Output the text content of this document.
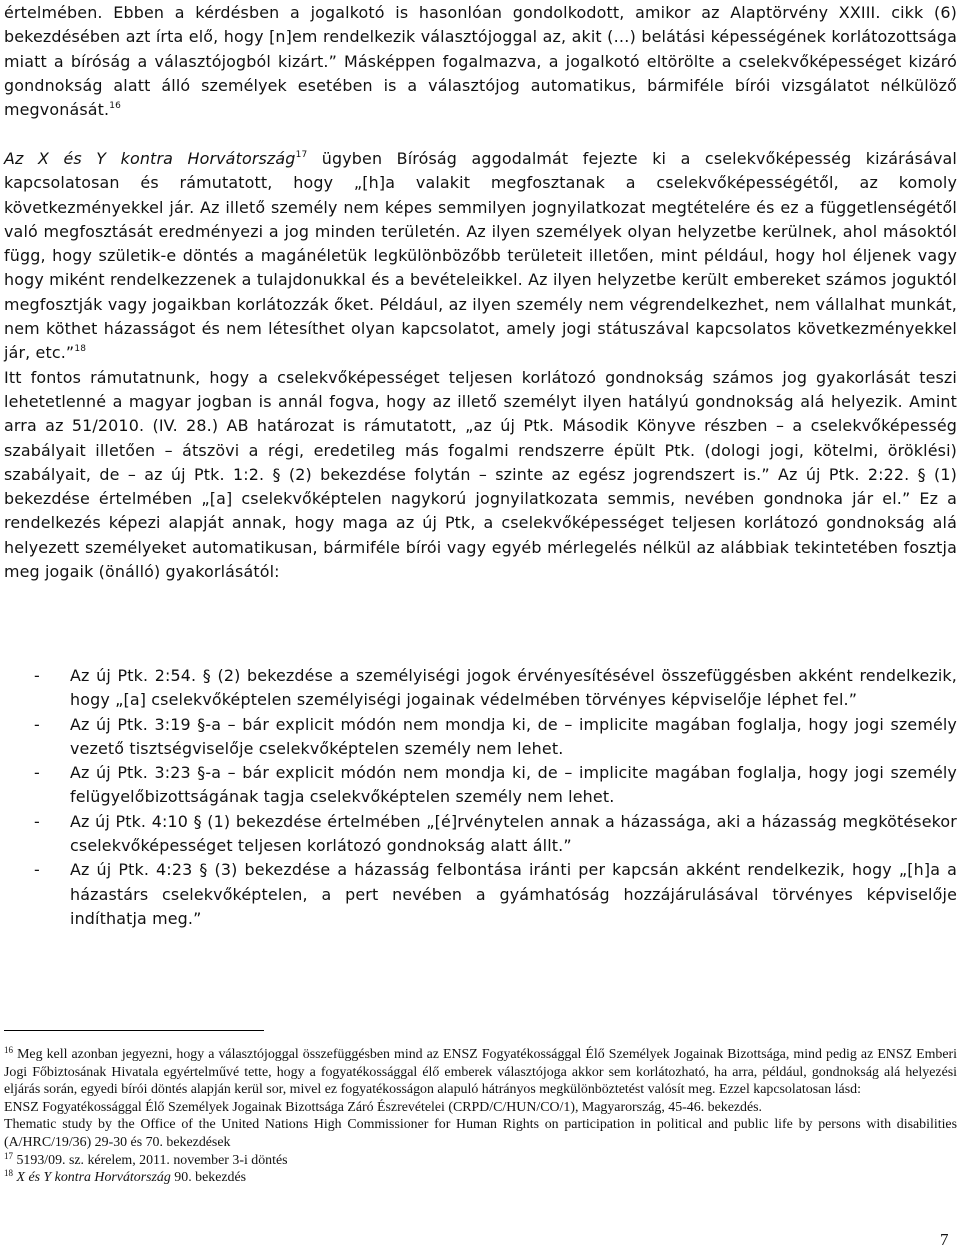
értelmében. Ebben a kérdésben a jogalkotó is hasonlóan gondolkodott, amikor az Alaptörvény XXIII. cikk (6) bekezdésében azt írta elő, hogy [n]em rendelkezik választójoggal az, akit (…) belátási képességének korlátozottsága miatt a bíróság a választójogból kizárt.” Másképpen fogalmazva, a jogalkotó eltörölte a cselekvőképességet kizáró gondnokság alatt álló személyek esetében is a választójog automatikus, bármiféle bírói vizsgálatot nélkülöző megvonását.$^{16}$

Az X és Y kontra Horvátország$^{17}$ ügyben Bíróság aggodalmát fejezte ki a cselekvőképesség kizárásával kapcsolatosan és rámutatott, hogy „[h]a valakit megfosztanak a cselekvőképességétől, az komoly következményekkel jár. Az illető személy nem képes semmilyen jognyilatkozat megtételére és ez a függetlenségétől való megfosztását eredményezi a jog minden területén. Az ilyen személyek olyan helyzetbe kerülnek, ahol másoktól függ, hogy születik-e döntés a magánéletük legkülönbözőbb területeit illetően, mint például, hogy hol éljenek vagy hogy miként rendelkezzenek a tulajdonukkal és a bevételeikkel. Az ilyen helyzetbe került embereket számos joguktól megfosztják vagy jogaikban korlátozzák őket. Például, az ilyen személy nem végrendelkezhet, nem vállalhat munkát, nem köthet házasságot és nem létesíthet olyan kapcsolatot, amely jogi státuszával kapcsolatos következményekkel jár, etc.”$^{18}$
Itt fontos rámutatnunk, hogy a cselekvőképességet teljesen korlátozó gondnokság számos jog gyakorlását teszi lehetetlenné a magyar jogban is annál fogva, hogy az illető személyt ilyen hatályú gondnokság alá helyezik. Amint arra az 51/2010. (IV. 28.) AB határozat is rámutatott, „az új Ptk. Második Könyve részben – a cselekvőképesség szabályait illetően – átszövi a régi, eredetileg más fogalmi rendszerre épült Ptk. (dologi jogi, kötelmi, öröklési) szabályait, de – az új Ptk. 1:2. § (2) bekezdése folytán – szinte az egész jogrendszert is.” Az új Ptk. 2:22. § (1) bekezdése értelmében „[a] cselekvőképtelen nagykorú jognyilatkozata semmis, nevében gondnoka jár el.” Ez a rendelkezés képezi alapját annak, hogy maga az új Ptk, a cselekvőképességet teljesen korlátozó gondnokság alá helyezett személyeket automatikusan, bármiféle bírói vagy egyéb mérlegelés nélkül az alábbiak tekintetében fosztja meg jogaik (önálló) gyakorlásától:

- Az új Ptk. 2:54. § (2) bekezdése a személyiségi jogok érvényesítésével összefüggésben akként rendelkezik, hogy „[a] cselekvőképtelen személyiségi jogainak védelmében törvényes képviselője léphet fel.”
- Az új Ptk. 3:19 §-a – bár explicit módón nem mondja ki, de – implicite magában foglalja, hogy jogi személy vezető tisztségviselője cselekvőképtelen személy nem lehet.
- Az új Ptk. 3:23 §-a – bár explicit módón nem mondja ki, de – implicite magában foglalja, hogy jogi személy felügyelőbizottságának tagja cselekvőképtelen személy nem lehet.
- Az új Ptk. 4:10 § (1) bekezdése értelmében „[é]rvénytelen annak a házassága, aki a házasság megkötésekor cselekvőképességet teljesen korlátozó gondnokság alatt állt.”
- Az új Ptk. 4:23 § (3) bekezdése a házasság felbontása iránti per kapcsán akként rendelkezik, hogy „[h]a a házastárs cselekvőképtelen, a pert nevében a gyámhatóság hozzájárulásával törvényes képviselője indíthatja meg.”

$^{16}$ Meg kell azonban jegyezni, hogy a választójoggal összefüggésben mind az ENSZ Fogyatékossággal Élő Személyek Jogainak Bizottsága, mind pedig az ENSZ Emberi Jogi Főbiztosának Hivatala egyértelművé tette, hogy a fogyatékossággal élő emberek választójoga akkor sem korlátozható, ha arra, például, gondnokság alá helyezési eljárás során, egyedi bírói döntés alapján kerül sor, mivel ez fogyatékosságon alapuló hátrányos megkülönböztetést valósít meg. Ezzel kapcsolatosan lásd:

ENSZ Fogyatékossággal Élő Személyek Jogainak Bizottsága Záró Észrevételei (CRPD/C/HUN/CO/1), Magyarország, 45-46. bekezdés.

Thematic study by the Office of the United Nations High Commissioner for Human Rights on participation in political and public life by persons with disabilities (A/HRC/19/36) 29-30 és 70. bekezdések

$^{17}$ 5193/09. sz. kérelem, 2011. november 3-i döntés

$^{18}$ X és Y kontra Horvátország 90. bekezdés

7
